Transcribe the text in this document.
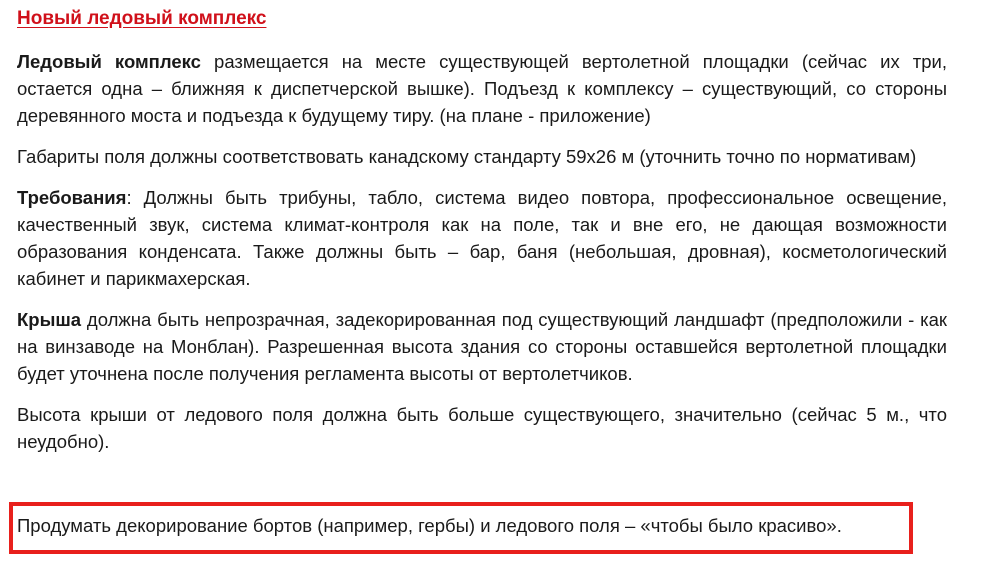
Новый ледовый комплекс

Ледовый комплекс размещается на месте существующей вертолетной площадки (сейчас их три, остается одна – ближняя к диспетчерской вышке). Подъезд к комплексу – существующий, со стороны деревянного моста и подъезда к будущему тиру. (на плане - приложение)

Габариты поля должны соответствовать канадскому стандарту 59х26 м (уточнить точно по нормативам)

Требования: Должны быть трибуны, табло, система видео повтора, профессиональное освещение, качественный звук, система климат-контроля как на поле, так и вне его, не дающая возможности образования конденсата. Также должны быть – бар, баня (небольшая, дровная), косметологический кабинет и парикмахерская.

Крыша должна быть непрозрачная, задекорированная под существующий ландшафт (предположили - как на винзаводе на Монблан). Разрешенная высота здания со стороны оставшейся вертолетной площадки будет уточнена после получения регламента высоты от вертолетчиков.

Высота крыши от ледового поля должна быть больше существующего, значительно (сейчас 5 м., что неудобно).

Продумать декорирование бортов (например, гербы) и ледового поля – «чтобы было красиво».
